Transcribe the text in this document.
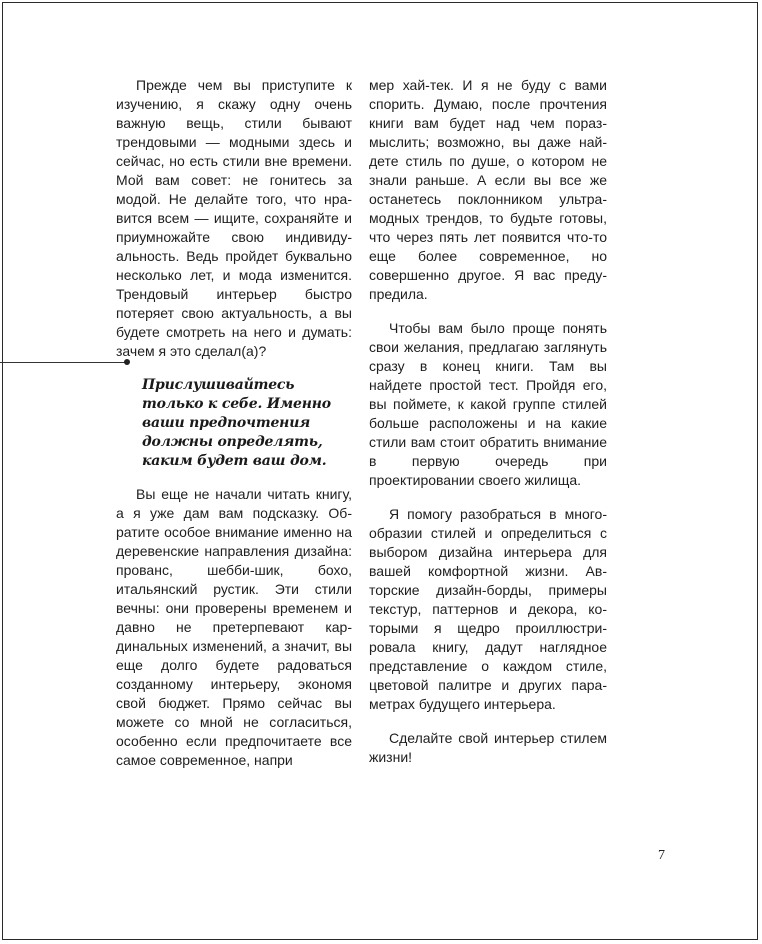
Прежде чем вы приступите к изучению, я скажу одну очень важную вещь, стили бывают трендовыми — модными здесь и сейчас, но есть стили вне времени. Мой вам совет: не гонитесь за модой. Не делайте того, что нравится всем — ищите, сохраняйте и приумножайте свою индивидуальность. Ведь пройдет буквально несколько лет, и мода изменится. Трендовый интерьер быстро потеряет свою актуальность, а вы будете смотреть на него и думать: зачем я это сделал(а)?

Прислушивайтесь только к себе. Именно ваши предпочтения должны определять, каким будет ваш дом.

Вы еще не начали читать книгу, а я уже дам вам подсказку. Обратите особое внимание именно на деревенские направления дизайна: прованс, шебби-шик, бохо, итальянский рустик. Эти стили вечны: они проверены временем и давно не претерпевают кардинальных изменений, а значит, вы еще долго будете радоваться созданному интерьеру, экономя свой бюджет. Прямо сейчас вы можете со мной не согласиться, особенно если предпочитаете все самое современное, напри

мер хай-тек. И я не буду с вами спорить. Думаю, после прочтения книги вам будет над чем поразмыслить; возможно, вы даже найдете стиль по душе, о котором не знали раньше. А если вы все же останетесь поклонником ультрамодных трендов, то будьте готовы, что через пять лет появится что-то еще более современное, но совершенно другое. Я вас предупредила.

Чтобы вам было проще понять свои желания, предлагаю заглянуть сразу в конец книги. Там вы найдете простой тест. Пройдя его, вы поймете, к какой группе стилей больше расположены и на какие стили вам стоит обратить внимание в первую очередь при проектировании своего жилища.

Я помогу разобраться в многообразии стилей и определиться с выбором дизайна интерьера для вашей комфортной жизни. Авторские дизайн-борды, примеры текстур, паттернов и декора, которыми я щедро проиллюстрировала книгу, дадут наглядное представление о каждом стиле, цветовой палитре и других параметрах будущего интерьера.

Сделайте свой интерьер стилем жизни!

7
